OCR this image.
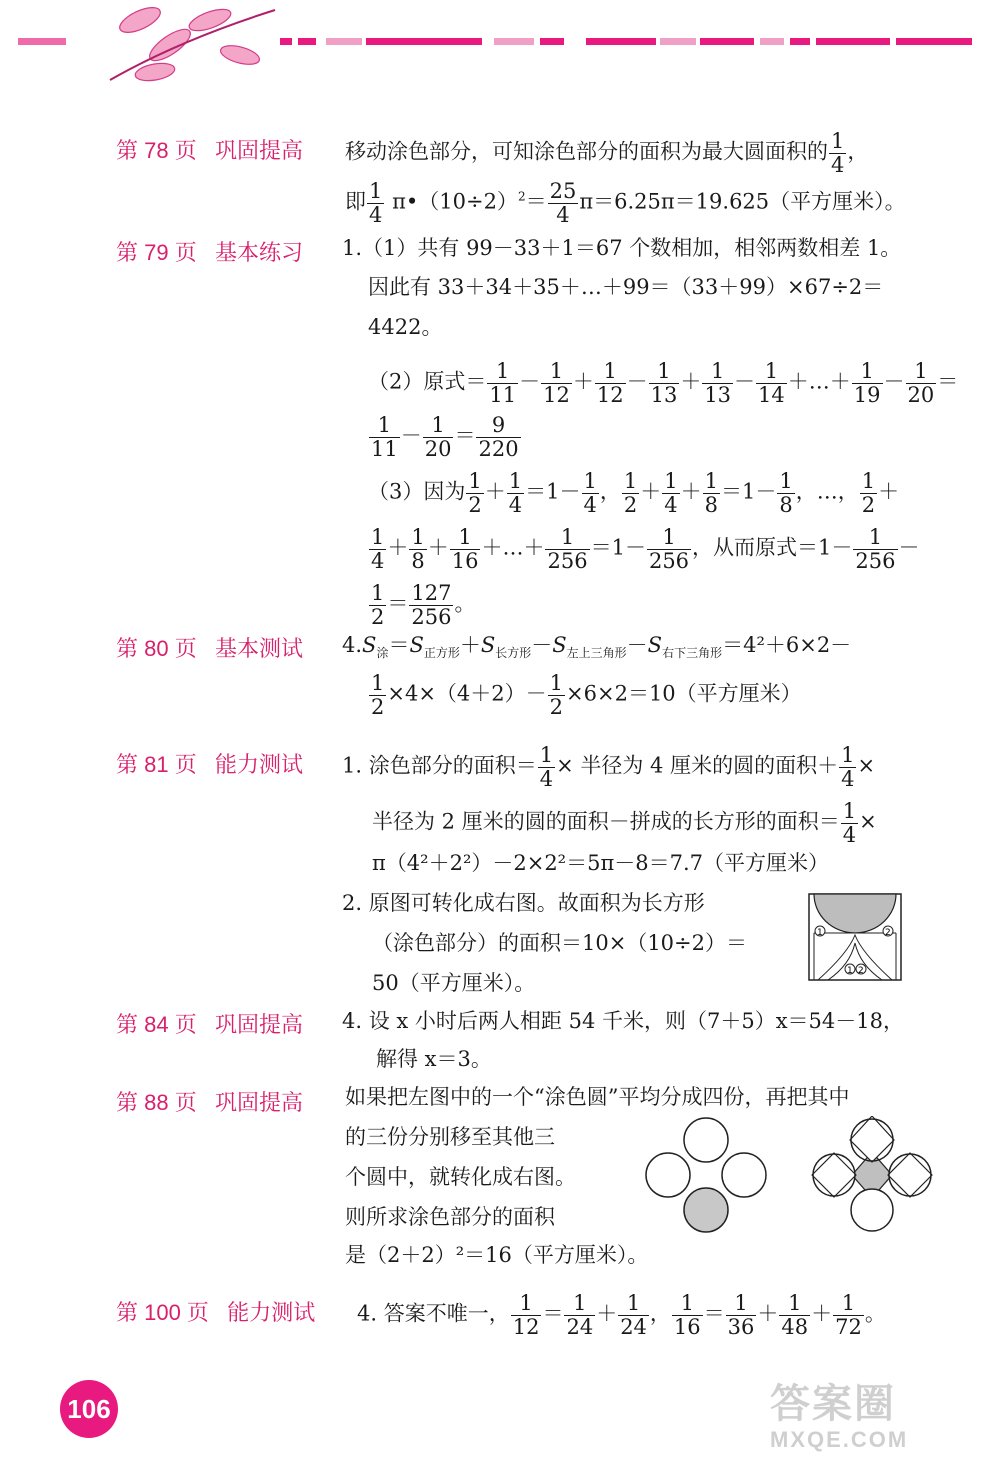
第 78 页 巩固提高 移动涂色部分，可知涂色部分的面积为最大圆面积的 $\frac{1}{4}$ ，
即 $\frac{1}{4}$ $\pi•(10\div 2)^2= \frac{25}{4} \pi=6.25\pi=19.625$（平方厘米）。
第 79 页 基本练习 1.（1）共有 99－33＋1＝67 个数相加，相邻两数相差 1。
因此有 33＋34＋35＋…＋99＝（33＋99）×67÷2＝
4422。
（2）原式＝ $\frac{1}{11} - \frac{1}{12} + \frac{1}{12} - \frac{1}{13} + \frac{1}{13} - \frac{1}{14}$ ＋…＋ $\frac{1}{19} - \frac{1}{20}$ ＝
$\frac{1}{11} - \frac{1}{20} = \frac{9}{220}$
（3）因为 $\frac{1}{2} + \frac{1}{4} =1- \frac{1}{4}$ ， $\frac{1}{2} + \frac{1}{4} + \frac{1}{8} =1- \frac{1}{8}$ ，…， $\frac{1}{2}$ ＋
$\frac{1}{4} + \frac{1}{8} + \frac{1}{16}$ ＋…＋ $\frac{1}{256} =1- \frac{1}{256}$ ，从而原式$=1- \frac{1}{256}$ －
$\frac{1}{2} = \frac{127}{256}$ 。
第 80 页 基本测试 $4.S_涂=S_{正方形}+S_{长方形}-S_{左上三角形}-S_{右下三角形}=4^2+6\times 2-$
$\frac{1}{2} \times 4\times(4+2)- \frac{1}{2} \times 6\times 2=10$（平方厘米）
第 81 页 能力测试 1. 涂色部分的面积＝ $\frac{1}{4}$ × 半径为 4 厘米的圆的面积＋ $\frac{1}{4}$ ×
半径为 2 厘米的圆的面积－拼成的长方形的面积＝ $\frac{1}{4}$ ×
π（4²＋2²）－2×2²＝5π－8＝7.7（平方厘米）
2. 原图可转化成右图。故面积为长方形
（涂色部分）的面积＝10×（10÷2）＝
50（平方厘米）。
1	2
1 2
第 84 页 巩固提高 4. 设 x 小时后两人相距 54 千米，则（7＋5）x＝54－18，
解得 x＝3。
第 88 页 巩固提高 如果把左图中的一个“涂色圆”平均分成四份，再把其中
的三份分别移至其他三
个圆中，就转化成右图。
则所求涂色部分的面积
是（2＋2）²＝16（平方厘米）。
第 100 页 能力测试 4. 答案不唯一， $\frac{1}{12} = \frac{1}{24} + \frac{1}{24}$ ， $\frac{1}{16} = \frac{1}{36} + \frac{1}{48} + \frac{1}{72}$ 。
106	答案圈
MXQE.COM
